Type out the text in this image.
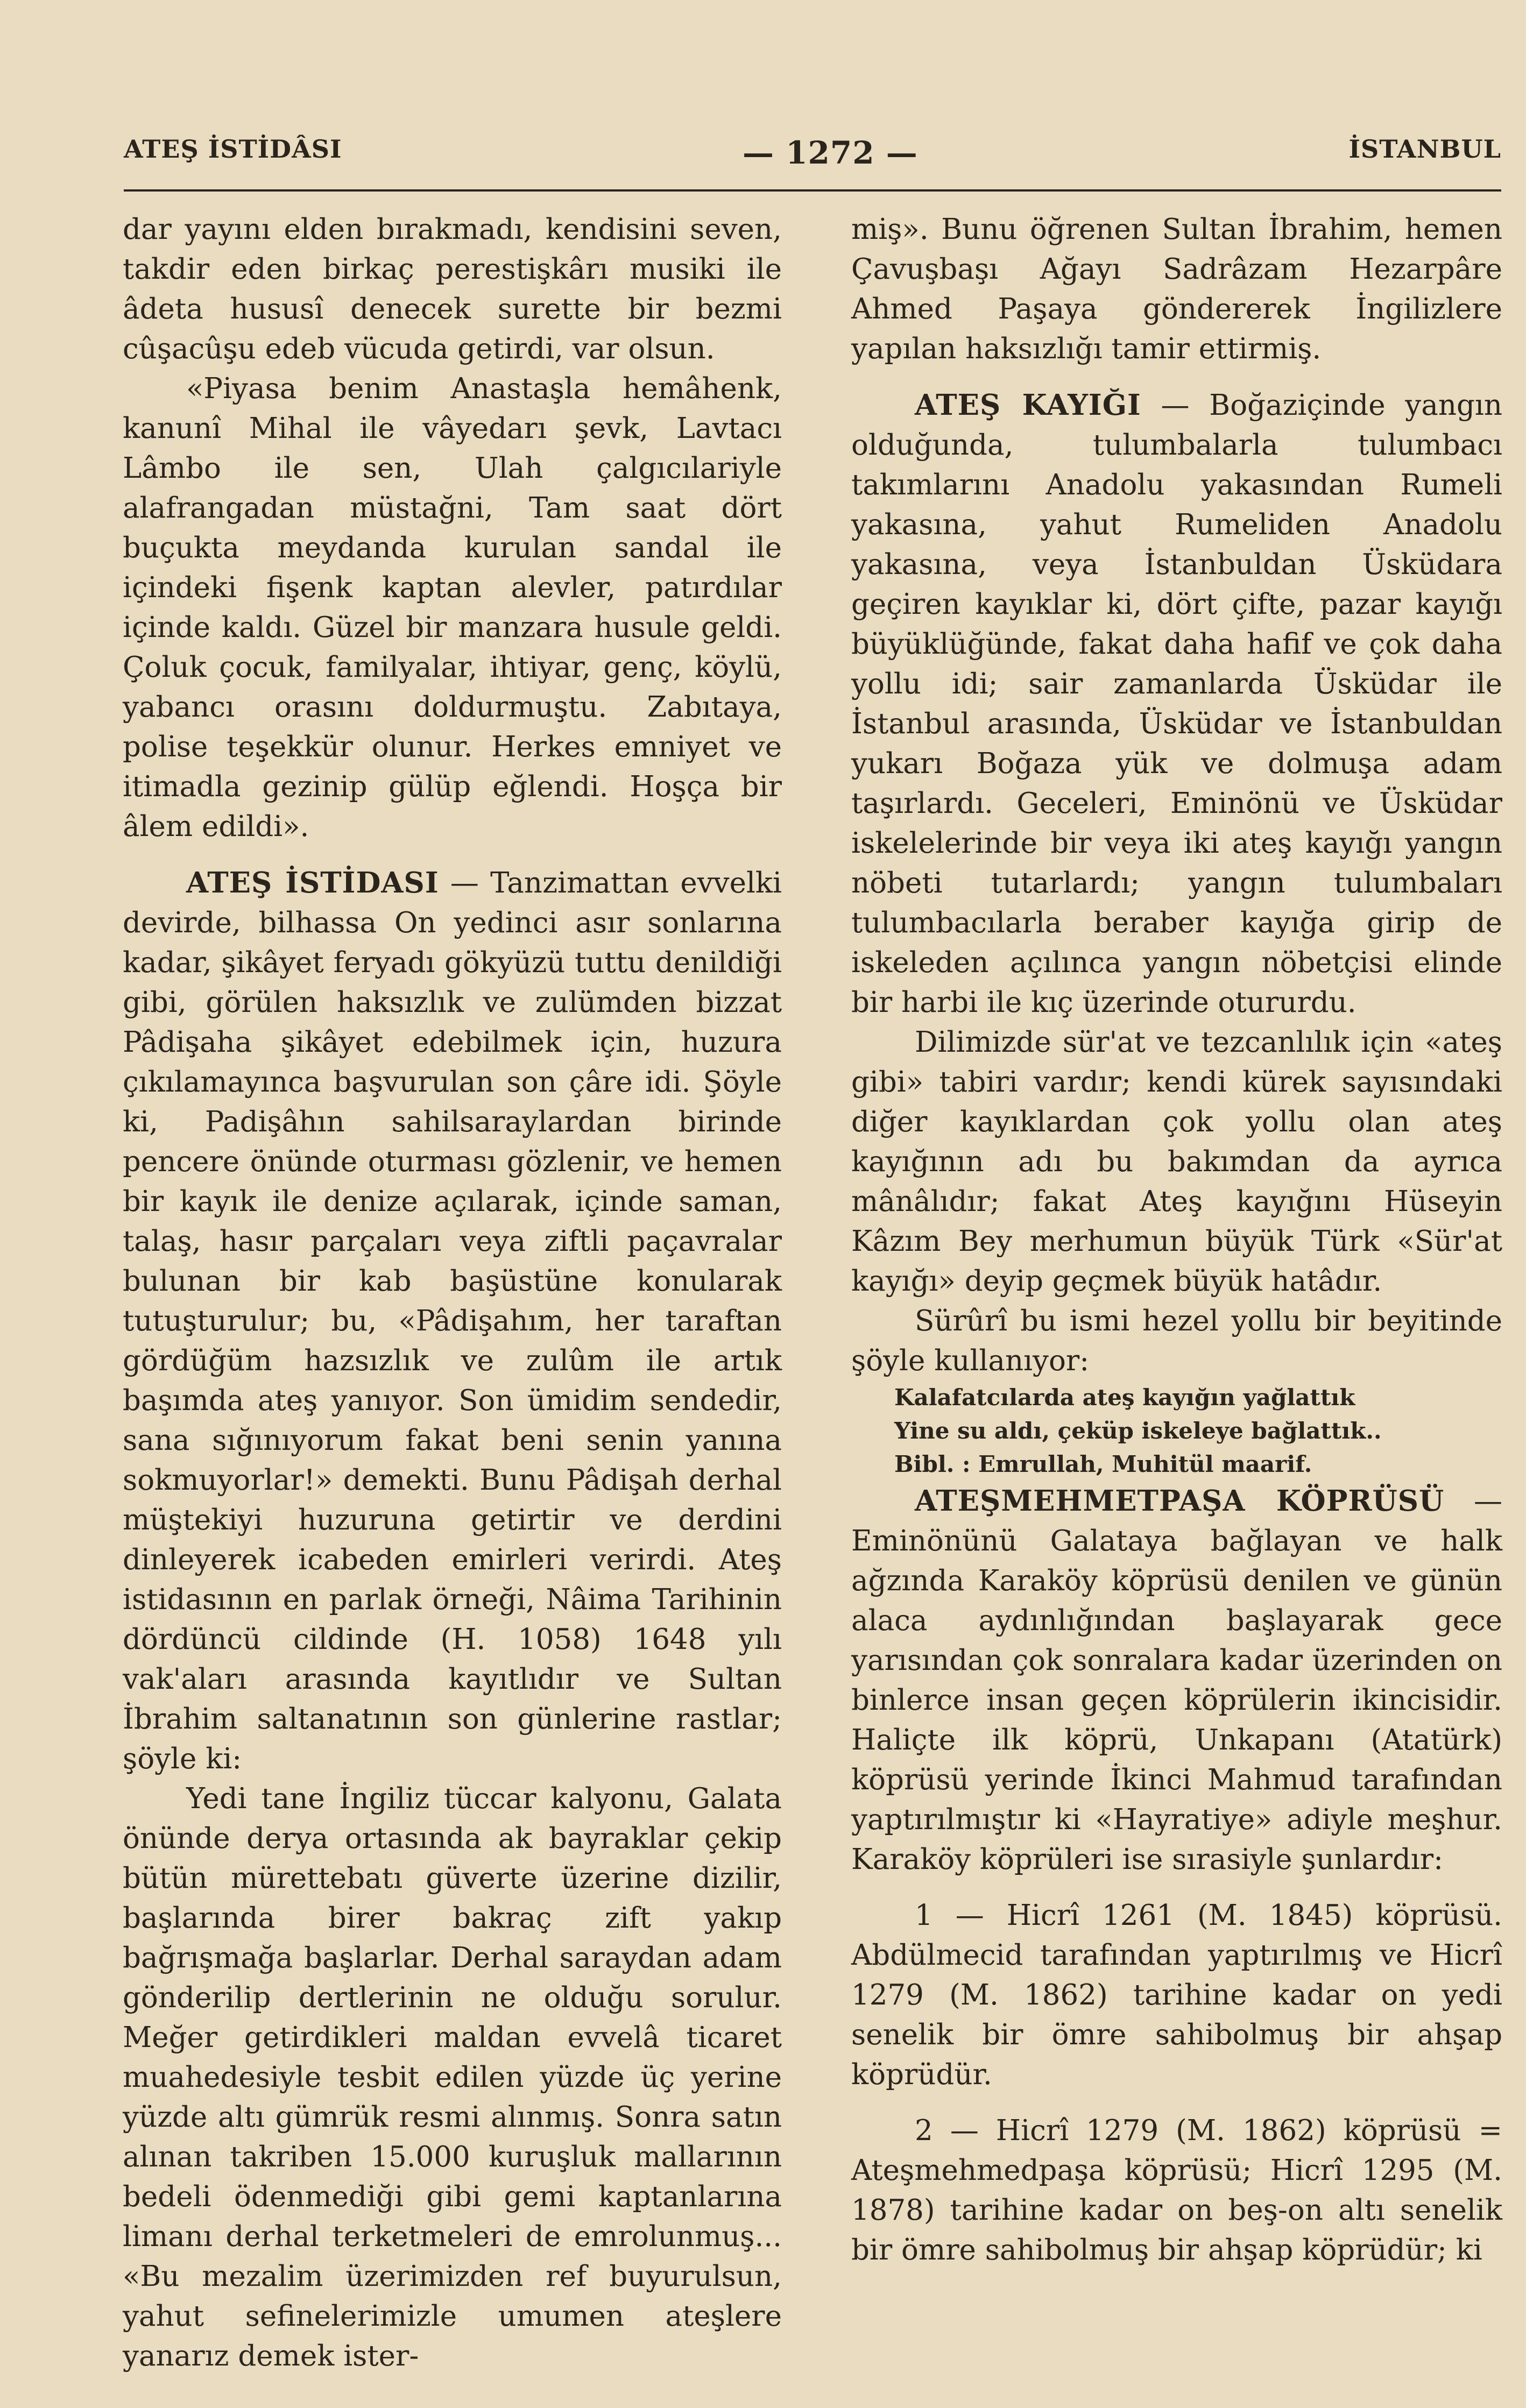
ATEŞ İSTİDÂSI	— 1272 —	İSTANBUL

dar yayını elden bırakmadı, kendisini seven, takdir eden birkaç perestişkârı musiki ile âdeta hususî denecek surette bir bezmi cûşacûşu edeb vücuda getirdi, var olsun.

«Piyasa benim Anastaşla hemâhenk, kanunî Mihal ile vâyedarı şevk, Lavtacı Lâmbo ile sen, Ulah çalgıcılariyle alafrangadan müstağni, Tam saat dört buçukta meydanda kurulan sandal ile içindeki fişenk kaptan alevler, patırdılar içinde kaldı. Güzel bir manzara husule geldi. Çoluk çocuk, familyalar, ihtiyar, genç, köylü, yabancı orasını doldurmuştu. Zabıtaya, polise teşekkür olunur. Herkes emniyet ve itimadla gezinip gülüp eğlendi. Hoşça bir âlem edildi».

ATEŞ İSTİDASI — Tanzimattan evvelki devirde, bilhassa On yedinci asır sonlarına kadar, şikâyet feryadı gökyüzü tuttu denildiği gibi, görülen haksızlık ve zulümden bizzat Pâdişaha şikâyet edebilmek için, huzura çıkılamayınca başvurulan son çâre idi. Şöyle ki, Padişâhın sahilsaraylardan birinde pencere önünde oturması gözlenir, ve hemen bir kayık ile denize açılarak, içinde saman, talaş, hasır parçaları veya ziftli paçavralar bulunan bir kab başüstüne konularak tutuşturulur; bu, «Pâdişahım, her taraftan gördüğüm hazsızlık ve zulûm ile artık başımda ateş yanıyor. Son ümidim sendedir, sana sığınıyorum fakat beni senin yanına sokmuyorlar!» demekti. Bunu Pâdişah derhal müştekiyi huzuruna getirtir ve derdini dinleyerek icabeden emirleri verirdi. Ateş istidasının en parlak örneği, Nâima Tarihinin dördüncü cildinde (H. 1058) 1648 yılı vak'aları arasında kayıtlıdır ve Sultan İbrahim saltanatının son günlerine rastlar; şöyle ki:

Yedi tane İngiliz tüccar kalyonu, Galata önünde derya ortasında ak bayraklar çekip bütün mürettebatı güverte üzerine dizilir, başlarında birer bakraç zift yakıp bağrışmağa başlarlar. Derhal saraydan adam gönderilip dertlerinin ne olduğu sorulur. Meğer getirdikleri maldan evvelâ ticaret muahedesiyle tesbit edilen yüzde üç yerine yüzde altı gümrük resmi alınmış. Sonra satın alınan takriben 15.000 kuruşluk mallarının bedeli ödenmediği gibi gemi kaptanlarına limanı derhal terketmeleri de emrolunmuş... «Bu mezalim üzerimizden ref buyurulsun, yahut sefinelerimizle umumen ateşlere yanarız demek ister-

miş». Bunu öğrenen Sultan İbrahim, hemen Çavuşbaşı Ağayı Sadrâzam Hezarpâre Ahmed Paşaya göndererek İngilizlere yapılan haksızlığı tamir ettirmiş.

ATEŞ KAYIĞI — Boğaziçinde yangın olduğunda, tulumbalarla tulumbacı takımlarını Anadolu yakasından Rumeli yakasına, yahut Rumeliden Anadolu yakasına, veya İstanbuldan Üsküdara geçiren kayıklar ki, dört çifte, pazar kayığı büyüklüğünde, fakat daha hafif ve çok daha yollu idi; sair zamanlarda Üsküdar ile İstanbul arasında, Üsküdar ve İstanbuldan yukarı Boğaza yük ve dolmuşa adam taşırlardı. Geceleri, Eminönü ve Üsküdar iskelelerinde bir veya iki ateş kayığı yangın nöbeti tutarlardı; yangın tulumbaları tulumbacılarla beraber kayığa girip de iskeleden açılınca yangın nöbetçisi elinde bir harbi ile kıç üzerinde otururdu.

Dilimizde sür'at ve tezcanlılık için «ateş gibi» tabiri vardır; kendi kürek sayısındaki diğer kayıklardan çok yollu olan ateş kayığının adı bu bakımdan da ayrıca mânâlıdır; fakat Ateş kayığını Hüseyin Kâzım Bey merhumun büyük Türk «Sür'at kayığı» deyip geçmek büyük hatâdır.

Sürûrî bu ismi hezel yollu bir beyitinde şöyle kullanıyor:

Kalafatcılarda ateş kayığın yağlattık
Yine su aldı, çeküp iskeleye bağlattık..

Bibl. : Emrullah, Muhitül maarif.

ATEŞMEHMETPAŞA KÖPRÜSÜ — Eminönünü Galataya bağlayan ve halk ağzında Karaköy köprüsü denilen ve günün alaca aydınlığından başlayarak gece yarısından çok sonralara kadar üzerinden on binlerce insan geçen köprülerin ikincisidir. Haliçte ilk köprü, Unkapanı (Atatürk) köprüsü yerinde İkinci Mahmud tarafından yaptırılmıştır ki «Hayratiye» adiyle meşhur. Karaköy köprüleri ise sırasiyle şunlardır:

1 — Hicrî 1261 (M. 1845) köprüsü. Abdülmecid tarafından yaptırılmış ve Hicrî 1279 (M. 1862) tarihine kadar on yedi senelik bir ömre sahibolmuş bir ahşap köprüdür.

2 — Hicrî 1279 (M. 1862) köprüsü = Ateşmehmedpaşa köprüsü; Hicrî 1295 (M. 1878) tarihine kadar on beş-on altı senelik bir ömre sahibolmuş bir ahşap köprüdür; ki
